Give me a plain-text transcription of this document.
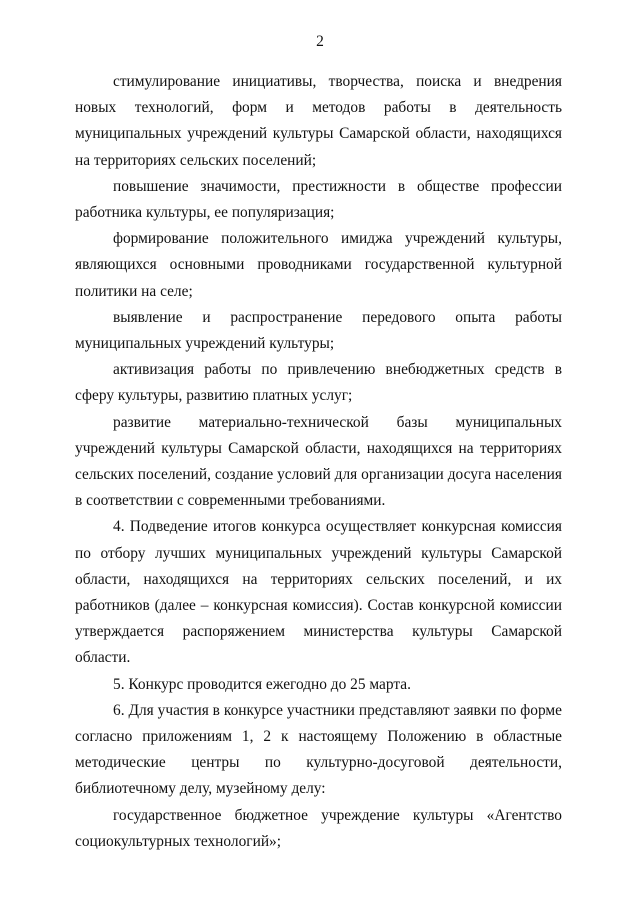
2

стимулирование инициативы, творчества, поиска и внедрения новых технологий, форм и методов работы в деятельность муниципальных учреждений культуры Самарской области, находящихся на территориях сельских поселений;

повышение значимости, престижности в обществе профессии работника культуры, ее популяризация;

формирование положительного имиджа учреждений культуры, являющихся основными проводниками государственной культурной политики на селе;

выявление и распространение передового опыта работы муниципальных учреждений культуры;

активизация работы по привлечению внебюджетных средств в сферу культуры, развитию платных услуг;

развитие материально-технической базы муниципальных учреждений культуры Самарской области, находящихся на территориях сельских поселений, создание условий для организации досуга населения в соответствии с современными требованиями.

4. Подведение итогов конкурса осуществляет конкурсная комиссия по отбору лучших муниципальных учреждений культуры Самарской области, находящихся на территориях сельских поселений, и их работников (далее – конкурсная комиссия). Состав конкурсной комиссии утверждается распоряжением министерства культуры Самарской области.

5. Конкурс проводится ежегодно до 25 марта.

6. Для участия в конкурсе участники представляют заявки по форме согласно приложениям 1, 2 к настоящему Положению в областные методические центры по культурно-досуговой деятельности, библиотечному делу, музейному делу:

государственное бюджетное учреждение культуры «Агентство социокультурных технологий»;
